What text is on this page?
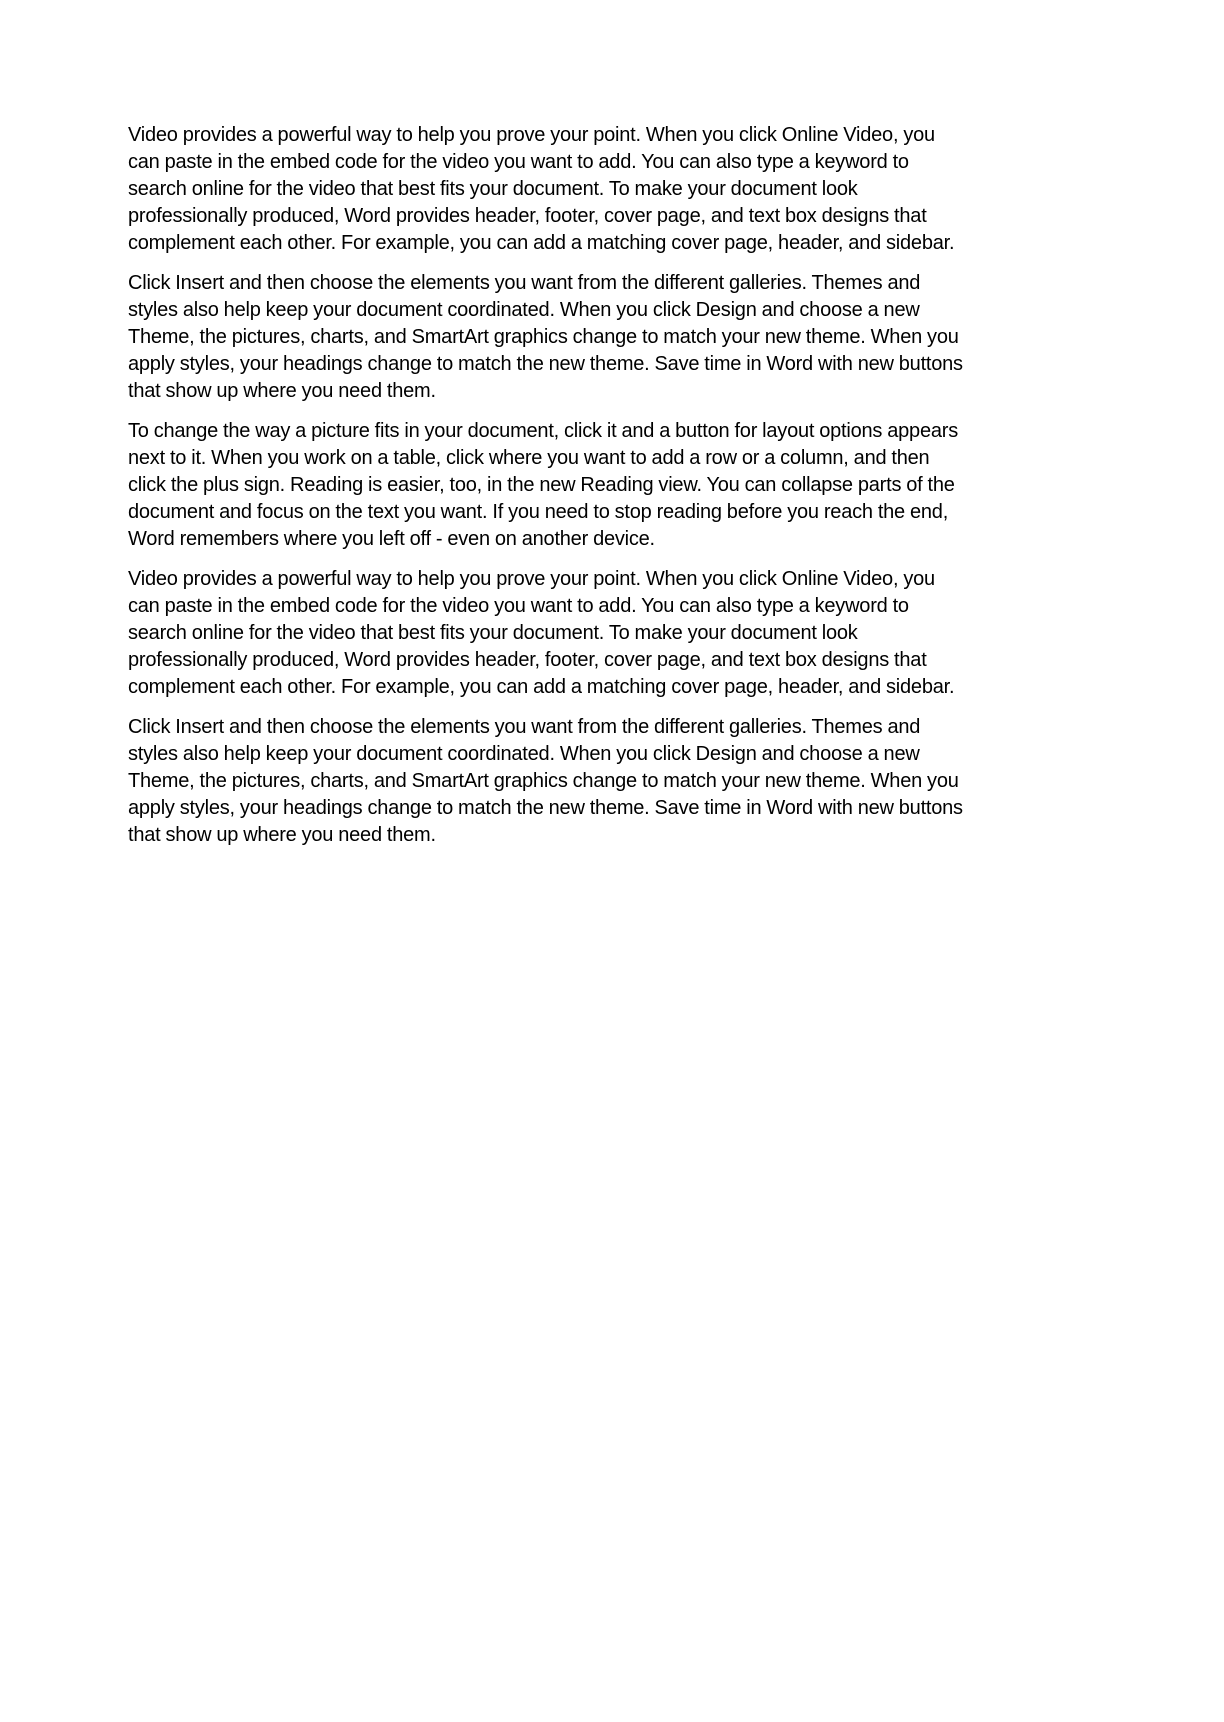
Video provides a powerful way to help you prove your point. When you click Online Video, you can paste in the embed code for the video you want to add. You can also type a keyword to search online for the video that best fits your document. To make your document look professionally produced, Word provides header, footer, cover page, and text box designs that complement each other. For example, you can add a matching cover page, header, and sidebar.

Click Insert and then choose the elements you want from the different galleries. Themes and styles also help keep your document coordinated. When you click Design and choose a new Theme, the pictures, charts, and SmartArt graphics change to match your new theme. When you apply styles, your headings change to match the new theme. Save time in Word with new buttons that show up where you need them.

To change the way a picture fits in your document, click it and a button for layout options appears next to it. When you work on a table, click where you want to add a row or a column, and then click the plus sign. Reading is easier, too, in the new Reading view. You can collapse parts of the document and focus on the text you want. If you need to stop reading before you reach the end, Word remembers where you left off - even on another device.

Video provides a powerful way to help you prove your point. When you click Online Video, you can paste in the embed code for the video you want to add. You can also type a keyword to search online for the video that best fits your document. To make your document look professionally produced, Word provides header, footer, cover page, and text box designs that complement each other. For example, you can add a matching cover page, header, and sidebar.

Click Insert and then choose the elements you want from the different galleries. Themes and styles also help keep your document coordinated. When you click Design and choose a new Theme, the pictures, charts, and SmartArt graphics change to match your new theme. When you apply styles, your headings change to match the new theme. Save time in Word with new buttons that show up where you need them.
